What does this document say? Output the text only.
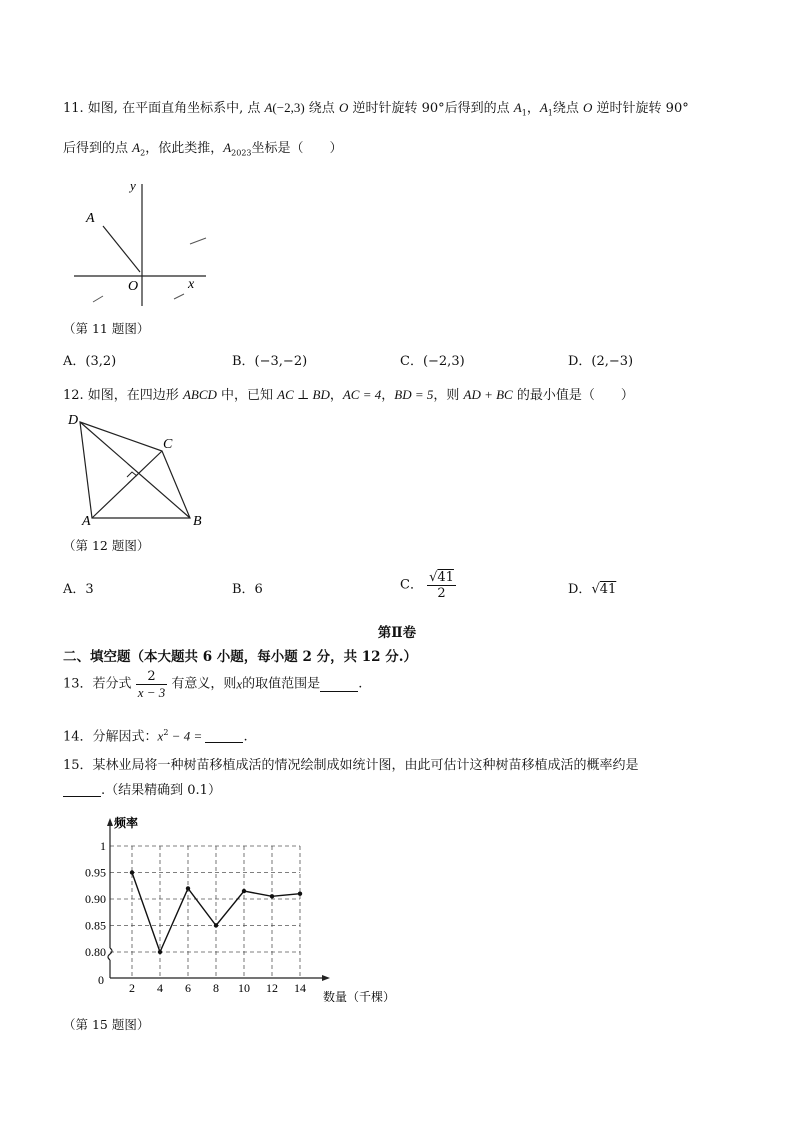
11. 如图, 在平面直角坐标系中, 点 A(−2,3) 绕点 O 逆时针旋转 90°后得到的点 $A_1$，$A_1$绕点 O 逆时针旋转 90°
后得到的点 $A_2$，依此类推，$A_{2023}$坐标是（　　）
y
x
A
O
（第 11 题图）
A．(3,2)	B．(−3,−2)	C．(−2,3)	D．(2,−3)
12. 如图，在四边形 ABCD 中，已知 AC ⊥ BD，AC = 4，BD = 5，则 AD + BC 的最小值是（　　）
D
C
A	B
（第 12 题图）
A．3	B．6	C． $\frac{√41}{2}$	D．√41
第Ⅱ卷
二、填空题（本大题共 6 小题，每小题 2 分，共 12 分.）
13．若分式 $\frac{2}{x - 3}$ 有意义，则x的取值范围是	.
14．分解因式：$x^2 - 4$ =	.
15．某林业局将一种树苗移植成活的情况绘制成如统计图，由此可估计这种树苗移植成活的概率约是
.（结果精确到 0.1）
1
0.95
0.90
0.85
0.80
2 4 6 8 10 12 14
0
频率
数量（千棵）
（第 15 题图）
